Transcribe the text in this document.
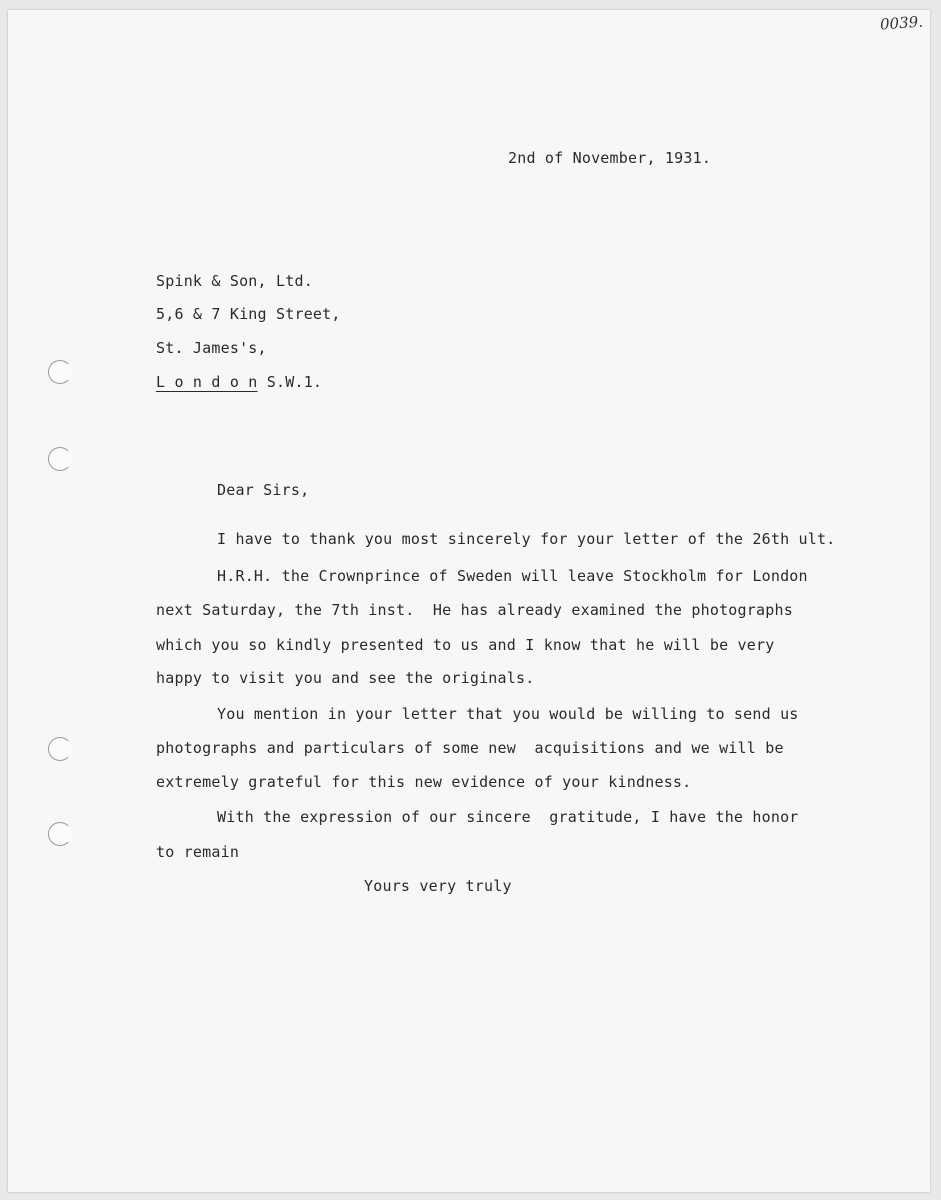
0039.
2nd of November, 1931.
Spink & Son, Ltd.
5,6 & 7 King Street,
St. James's,
L o n d o n S.W.1.
Dear Sirs,
I have to thank you most sincerely for your letter of the 26th ult.
H.R.H. the Crownprince of Sweden will leave Stockholm for London
next Saturday, the 7th inst.  He has already examined the photographs
which you so kindly presented to us and I know that he will be very
happy to visit you and see the originals.
You mention in your letter that you would be willing to send us
photographs and particulars of some new  acquisitions and we will be
extremely grateful for this new evidence of your kindness.
With the expression of our sincere  gratitude, I have the honor
to remain
Yours very truly
